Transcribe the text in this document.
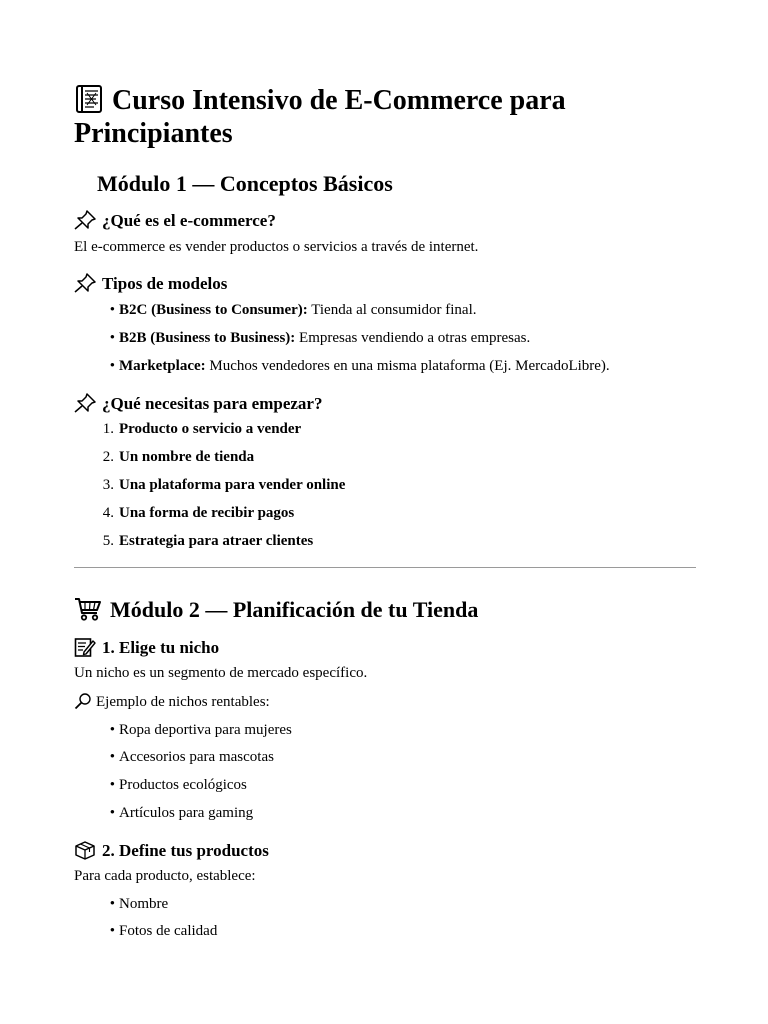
Curso Intensivo de E-Commerce para Principiantes
Módulo 1 — Conceptos Básicos
¿Qué es el e-commerce?
El e-commerce es vender productos o servicios a través de internet.
Tipos de modelos
• B2C (Business to Consumer): Tienda al consumidor final.
• B2B (Business to Business): Empresas vendiendo a otras empresas.
• Marketplace: Muchos vendedores en una misma plataforma (Ej. MercadoLibre).
¿Qué necesitas para empezar?
1. Producto o servicio a vender
2. Un nombre de tienda
3. Una plataforma para vender online
4. Una forma de recibir pagos
5. Estrategia para atraer clientes
Módulo 2 — Planificación de tu Tienda
1. Elige tu nicho
Un nicho es un segmento de mercado específico.
Ejemplo de nichos rentables:
• Ropa deportiva para mujeres
• Accesorios para mascotas
• Productos ecológicos
• Artículos para gaming
2. Define tus productos
Para cada producto, establece:
• Nombre
• Fotos de calidad
